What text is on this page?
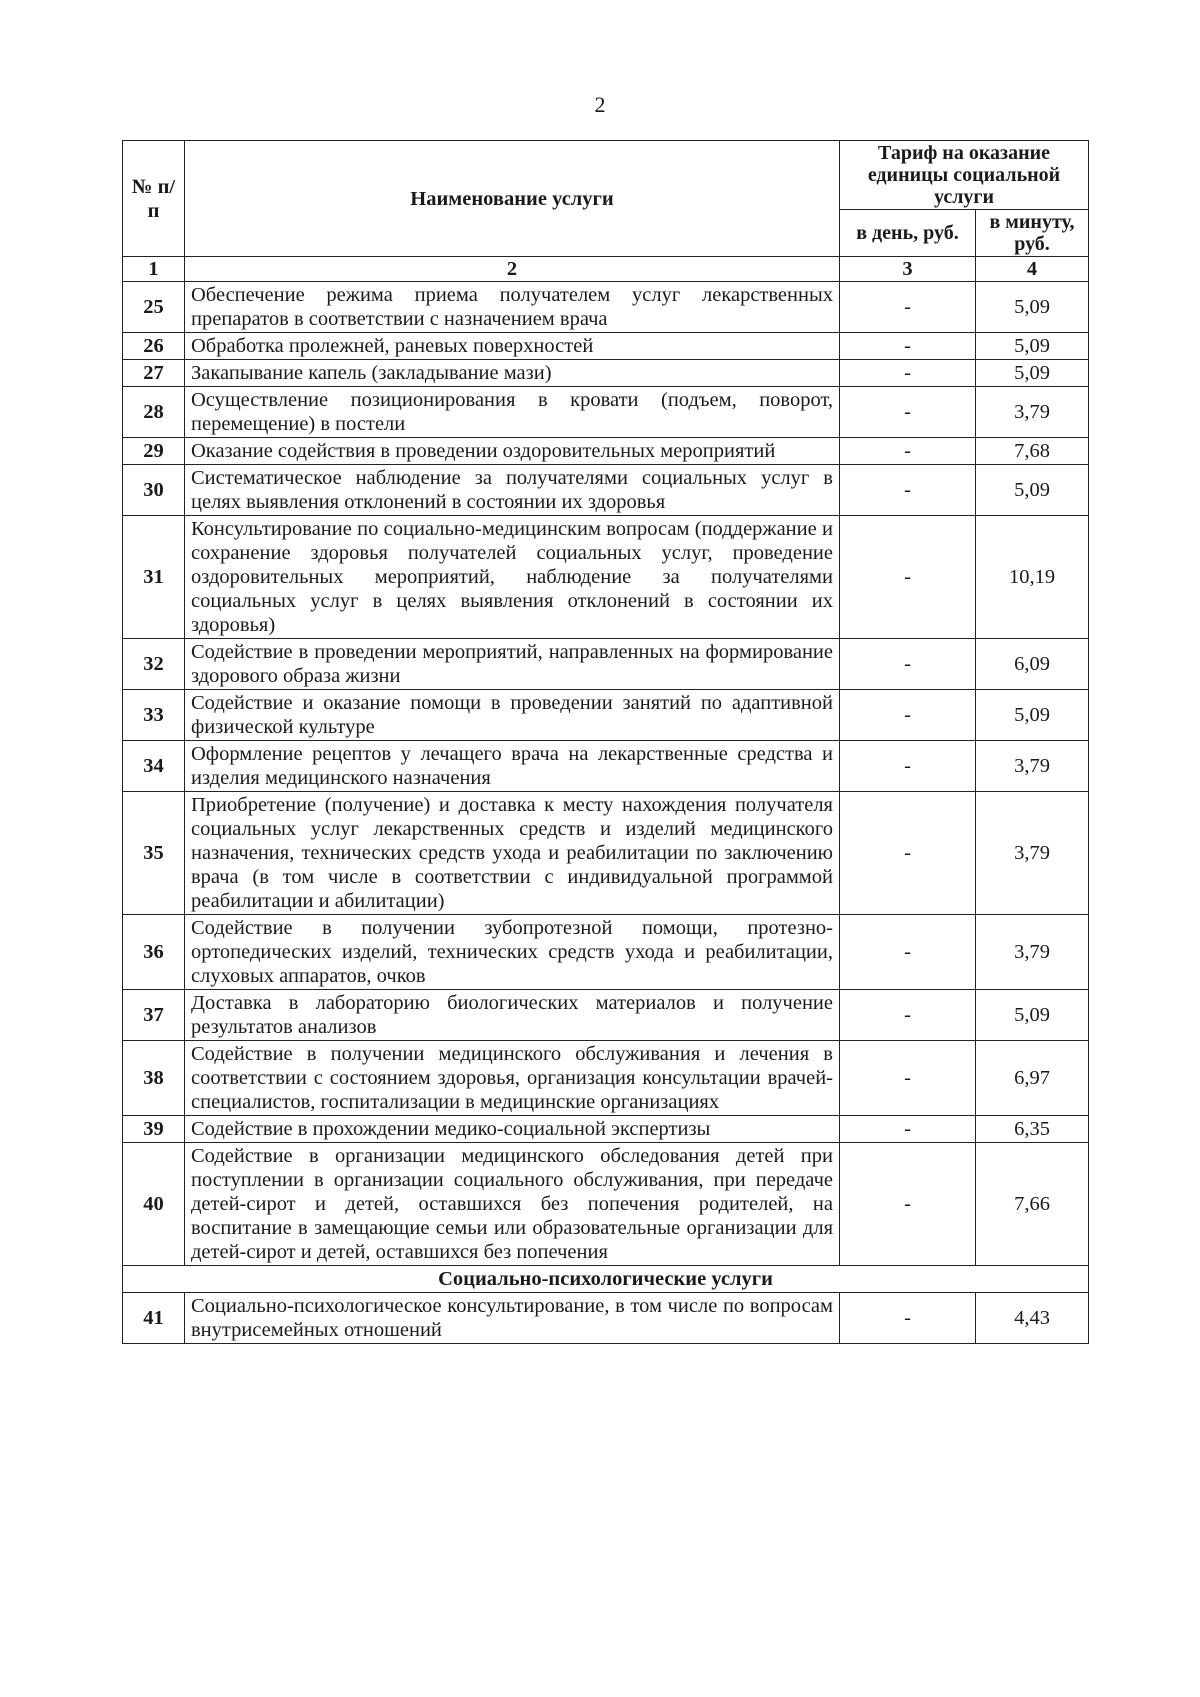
2
№ п/п	Наименование услуги	Тариф на оказание единицы социальной услуги	
		в день, руб.	в минуту, руб.
1	2	3	4
25	Обеспечение режима приема получателем услуг лекарственных препаратов в соответствии с назначением врача	-	5,09
26	Обработка пролежней, раневых поверхностей	-	5,09
27	Закапывание капель (закладывание мази)	-	5,09
28	Осуществление позиционирования в кровати (подъем, поворот, перемещение) в постели	-	3,79
29	Оказание содействия в проведении оздоровительных мероприятий	-	7,68
30	Систематическое наблюдение за получателями социальных услуг в целях выявления отклонений в состоянии их здоровья	-	5,09
31	Консультирование по социально-медицинским вопросам (поддержание и сохранение здоровья получателей социальных услуг, проведение оздоровительных мероприятий, наблюдение за получателями социальных услуг в целях выявления отклонений в состоянии их здоровья)	-	10,19
32	Содействие в проведении мероприятий, направленных на формирование здорового образа жизни	-	6,09
33	Содействие и оказание помощи в проведении занятий по адаптивной физической культуре	-	5,09
34	Оформление рецептов у лечащего врача на лекарственные средства и изделия медицинского назначения	-	3,79
35	Приобретение (получение) и доставка к месту нахождения получателя социальных услуг лекарственных средств и изделий медицинского назначения, технических средств ухода и реабилитации по заключению врача (в том числе в соответствии с индивидуальной программой реабилитации и абилитации)	-	3,79
36	Содействие в получении зубопротезной помощи, протезно-ортопедических изделий, технических средств ухода и реабилитации, слуховых аппаратов, очков	-	3,79
37	Доставка в лабораторию биологических материалов и получение результатов анализов	-	5,09
38	Содействие в получении медицинского обслуживания и лечения в соответствии с состоянием здоровья, организация консультации врачей-специалистов, госпитализации в медицинские организациях	-	6,97
39	Содействие в прохождении медико-социальной экспертизы	-	6,35
40	Содействие в организации медицинского обследования детей при поступлении в организации социального обслуживания, при передаче детей-сирот и детей, оставшихся без попечения родителей, на воспитание в замещающие семьи или образовательные организации для детей-сирот и детей, оставшихся без попечения	-	7,66
Социально-психологические услуги			
41	Социально-психологическое консультирование, в том числе по вопросам внутрисемейных отношений	-	4,43
